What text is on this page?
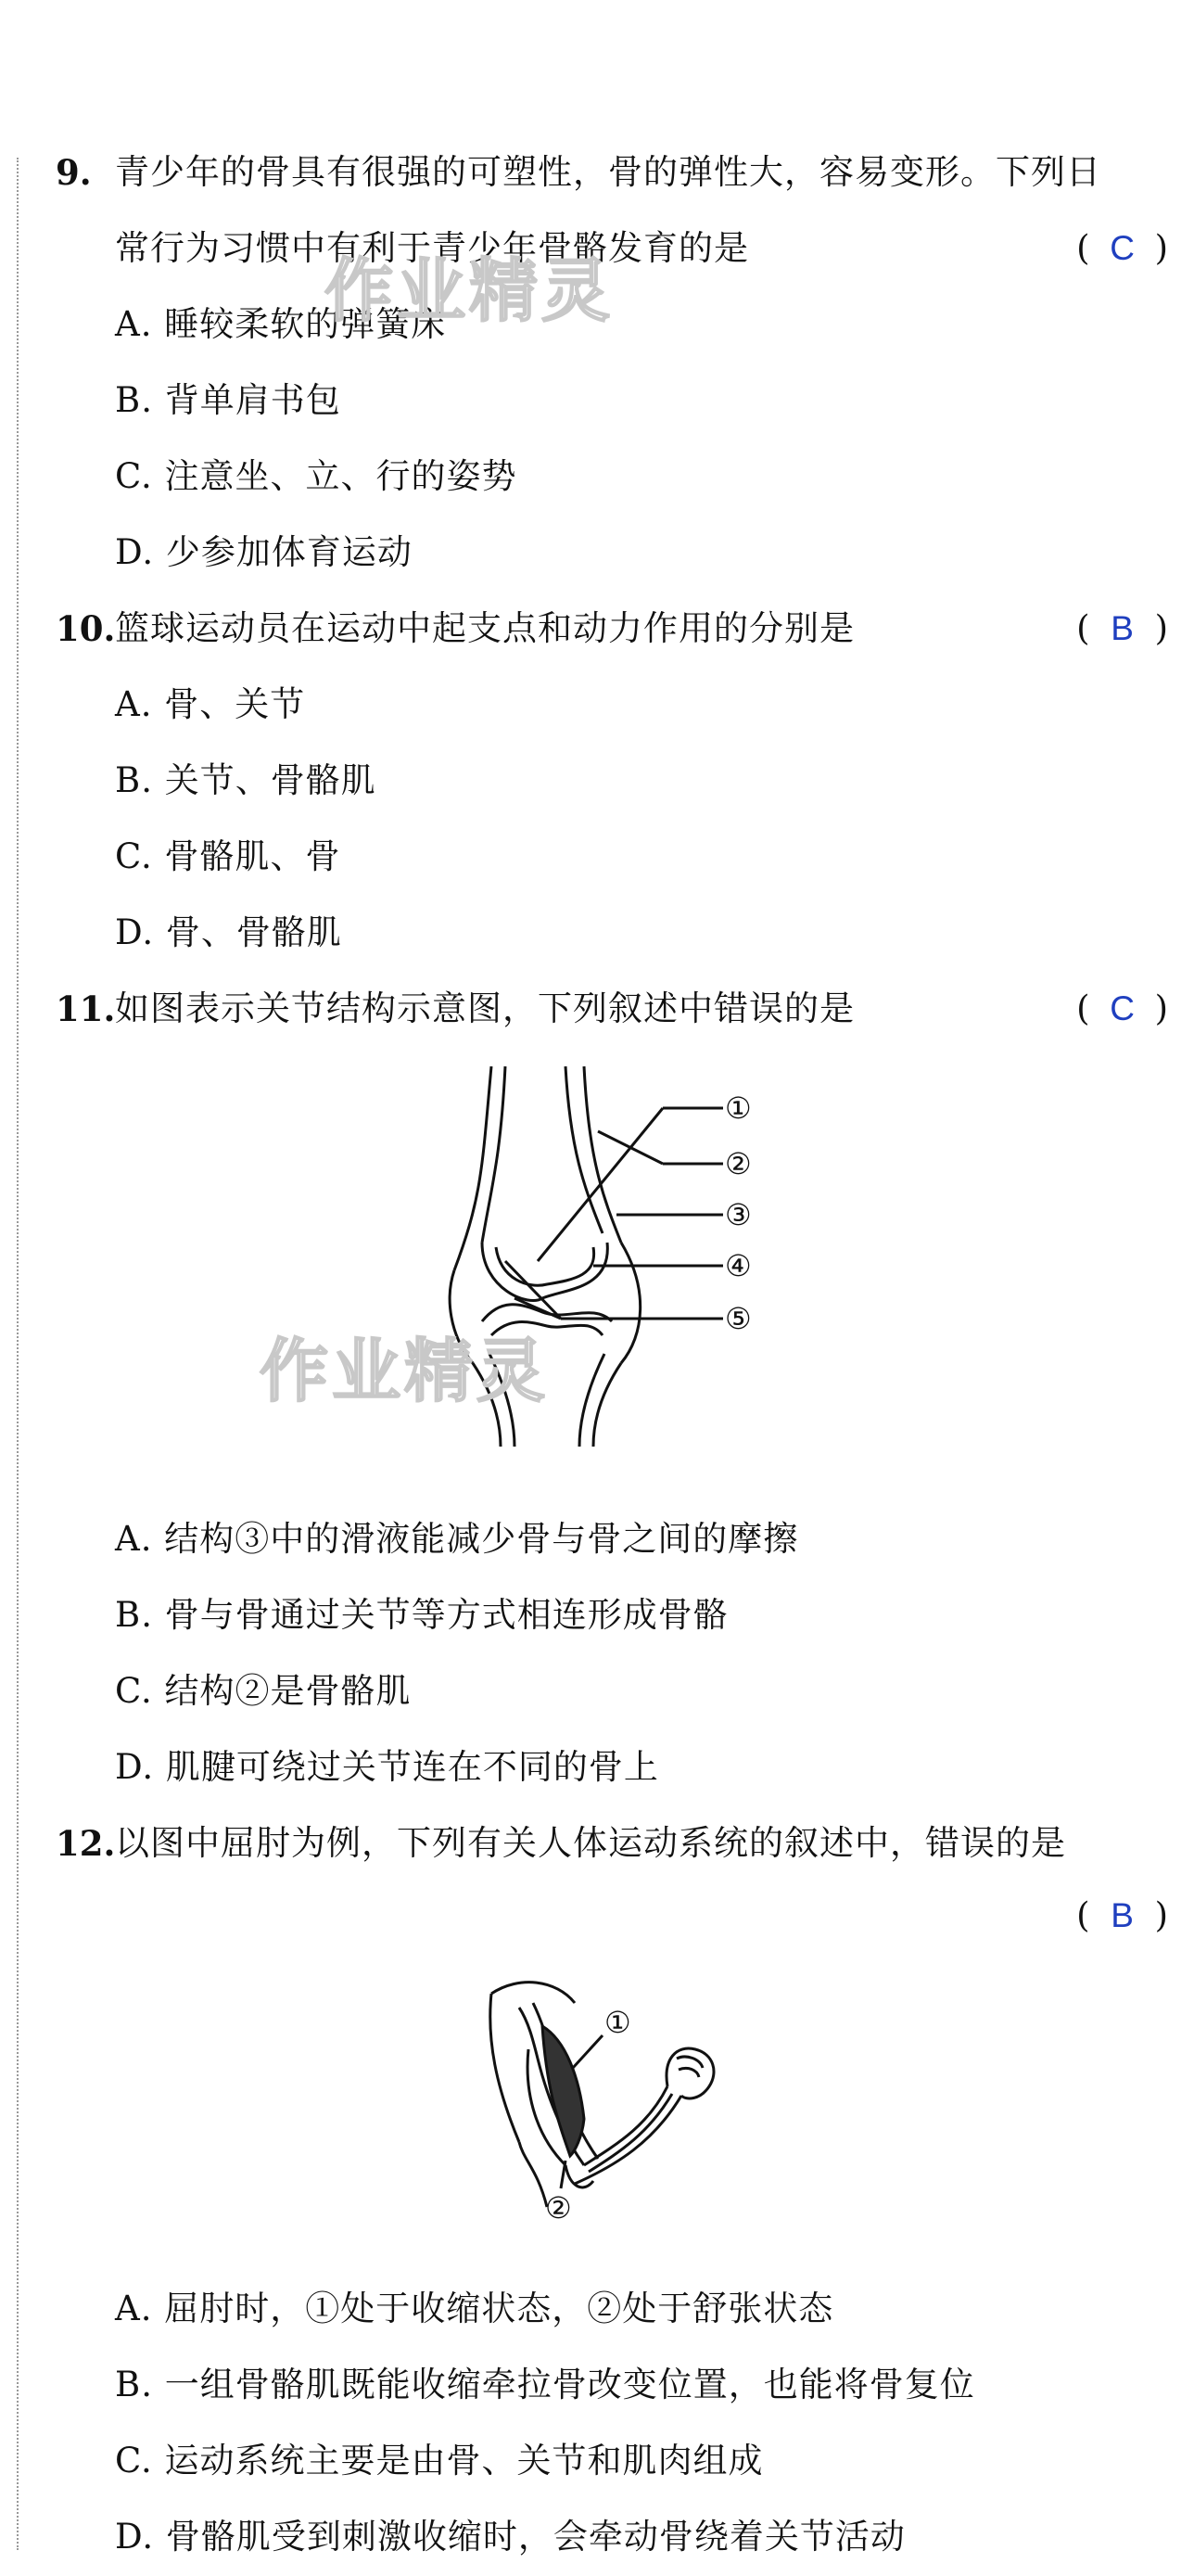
9. 青少年的骨具有很强的可塑性，骨的弹性大，容易变形。下列日
常行为习惯中有利于青少年骨骼发育的是	( C )
A. 睡较柔软的弹簧床
B. 背单肩书包
C. 注意坐、立、行的姿势
D. 少参加体育运动
作业精灵
10. 篮球运动员在运动中起支点和动力作用的分别是	( B )
A. 骨、关节
B. 关节、骨骼肌
C. 骨骼肌、骨
D. 骨、骨骼肌
11. 如图表示关节结构示意图，下列叙述中错误的是	( C )
①
②
③
④
⑤
作业精灵
A. 结构③中的滑液能减少骨与骨之间的摩擦
B. 骨与骨通过关节等方式相连形成骨骼
C. 结构②是骨骼肌
D. 肌腱可绕过关节连在不同的骨上
12. 以图中屈肘为例，下列有关人体运动系统的叙述中，错误的是
( B )
①
②
A. 屈肘时，①处于收缩状态，②处于舒张状态
B. 一组骨骼肌既能收缩牵拉骨改变位置，也能将骨复位
C. 运动系统主要是由骨、关节和肌肉组成
D. 骨骼肌受到刺激收缩时，会牵动骨绕着关节活动
